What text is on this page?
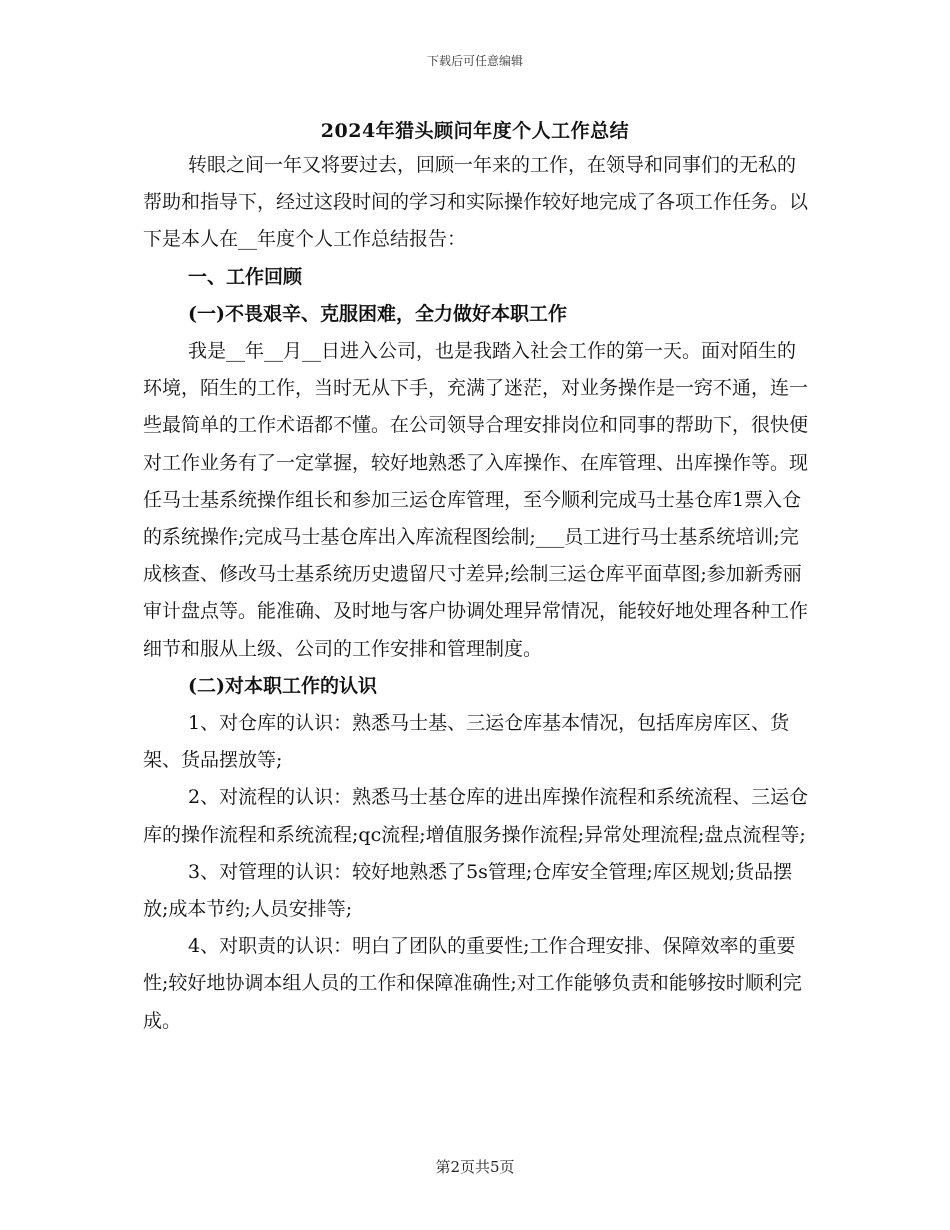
下载后可任意编辑
2024年猎头顾问年度个人工作总结

转眼之间一年又将要过去，回顾一年来的工作，在领导和同事们的无私的帮助和指导下，经过这段时间的学习和实际操作较好地完成了各项工作任务。以下是本人在__年度个人工作总结报告：

一、工作回顾

(一)不畏艰辛、克服困难，全力做好本职工作

我是__年__月__日进入公司，也是我踏入社会工作的第一天。面对陌生的环境，陌生的工作，当时无从下手，充满了迷茫，对业务操作是一窍不通，连一些最简单的工作术语都不懂。在公司领导合理安排岗位和同事的帮助下，很快便对工作业务有了一定掌握，较好地熟悉了入库操作、在库管理、出库操作等。现任马士基系统操作组长和参加三运仓库管理，至今顺利完成马士基仓库1票入仓的系统操作;完成马士基仓库出入库流程图绘制;___员工进行马士基系统培训;完成核查、修改马士基系统历史遗留尺寸差异;绘制三运仓库平面草图;参加新秀丽审计盘点等。能准确、及时地与客户协调处理异常情况，能较好地处理各种工作细节和服从上级、公司的工作安排和管理制度。

(二)对本职工作的认识

1、对仓库的认识：熟悉马士基、三运仓库基本情况，包括库房库区、货架、货品摆放等;

2、对流程的认识：熟悉马士基仓库的进出库操作流程和系统流程、三运仓库的操作流程和系统流程;qc流程;增值服务操作流程;异常处理流程;盘点流程等;

3、对管理的认识：较好地熟悉了5s管理;仓库安全管理;库区规划;货品摆放;成本节约;人员安排等;

4、对职责的认识：明白了团队的重要性;工作合理安排、保障效率的重要性;较好地协调本组人员的工作和保障准确性;对工作能够负责和能够按时顺利完成。

第2页共5页
